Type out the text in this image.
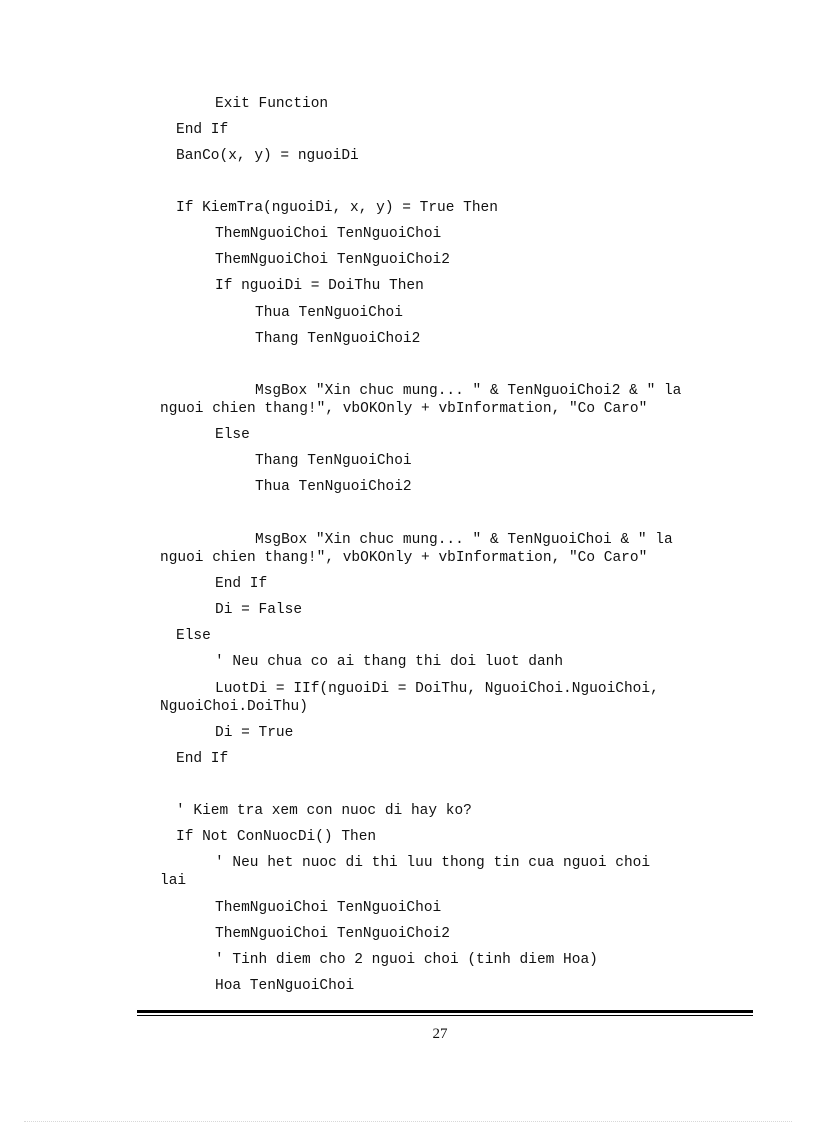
Exit Function
End If
BanCo(x, y) = nguoiDi
If KiemTra(nguoiDi, x, y) = True Then
ThemNguoiChoi TenNguoiChoi
ThemNguoiChoi TenNguoiChoi2
If nguoiDi = DoiThu Then
Thua TenNguoiChoi
Thang TenNguoiChoi2
MsgBox "Xin chuc mung... " & TenNguoiChoi2 & " la
nguoi chien thang!", vbOKOnly + vbInformation, "Co Caro"
Else
Thang TenNguoiChoi
Thua TenNguoiChoi2
MsgBox "Xin chuc mung... " & TenNguoiChoi & " la
nguoi chien thang!", vbOKOnly + vbInformation, "Co Caro"
End If
Di = False
Else
' Neu chua co ai thang thi doi luot danh
LuotDi = IIf(nguoiDi = DoiThu, NguoiChoi.NguoiChoi,
NguoiChoi.DoiThu)
Di = True
End If
' Kiem tra xem con nuoc di hay ko?
If Not ConNuocDi() Then
' Neu het nuoc di thi luu thong tin cua nguoi choi
lai
ThemNguoiChoi TenNguoiChoi
ThemNguoiChoi TenNguoiChoi2
' Tinh diem cho 2 nguoi choi (tinh diem Hoa)
Hoa TenNguoiChoi
27
